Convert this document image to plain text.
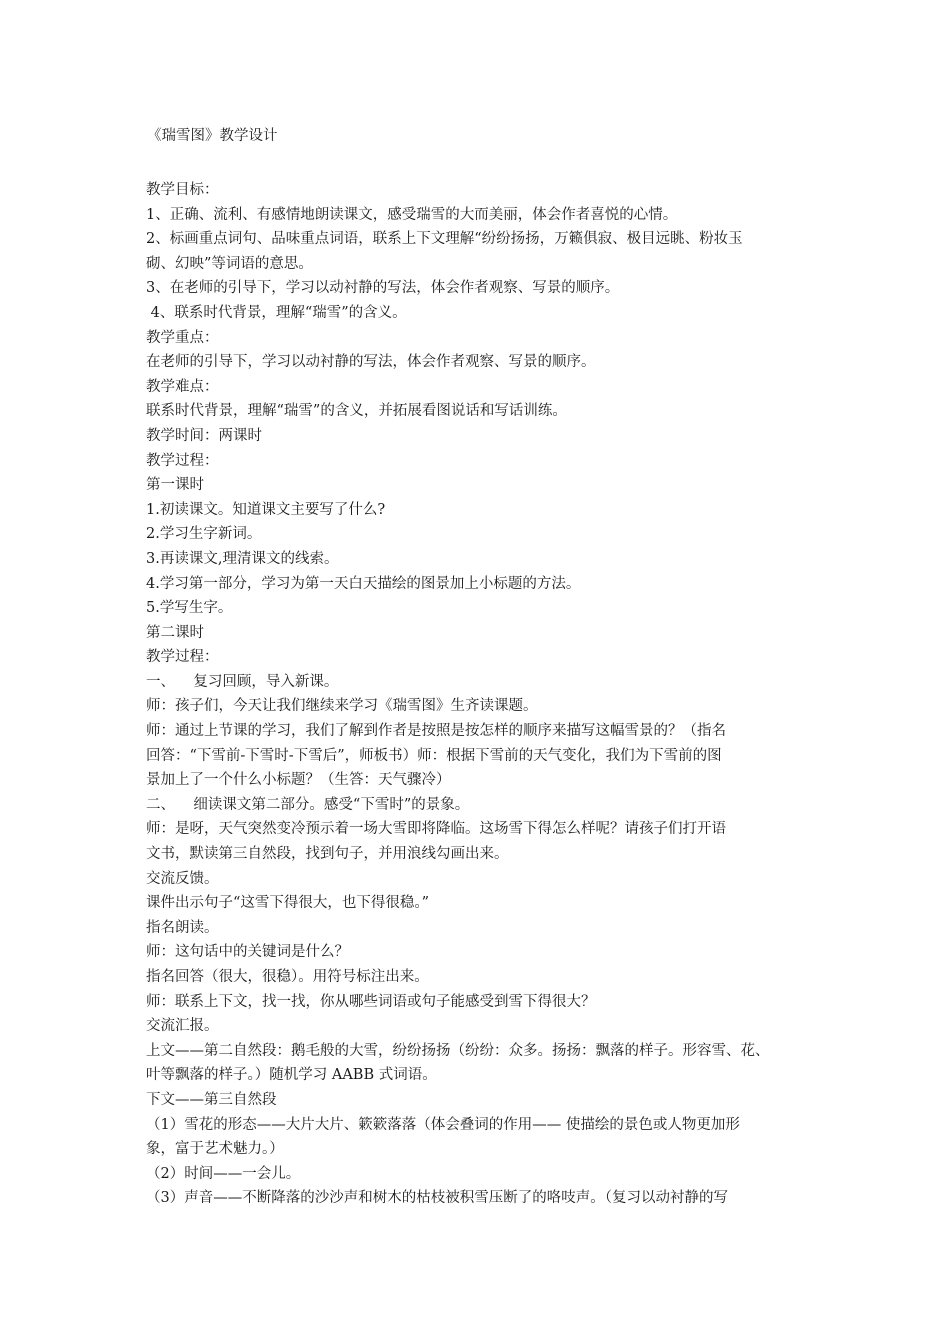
《瑞雪图》教学设计
教学目标：
1、正确、流利、有感情地朗读课文，感受瑞雪的大而美丽，体会作者喜悦的心情。
2、标画重点词句、品味重点词语，联系上下文理解“纷纷扬扬，万籁俱寂、极目远眺、粉妆玉
砌、幻映”等词语的意思。
3、在老师的引导下，学习以动衬静的写法，体会作者观察、写景的顺序。
4、联系时代背景，理解“瑞雪”的含义。
教学重点：
在老师的引导下，学习以动衬静的写法，体会作者观察、写景的顺序。
教学难点：
联系时代背景，理解“瑞雪”的含义，并拓展看图说话和写话训练。
教学时间：两课时
教学过程：
第一课时
1.初读课文。知道课文主要写了什么?
2.学习生字新词。
3.再读课文,理清课文的线索。
4.学习第一部分，学习为第一天白天描绘的图景加上小标题的方法。
5.学写生字。
第二课时
教学过程：
一、    复习回顾，导入新课。
师：孩子们，今天让我们继续来学习《瑞雪图》生齐读课题。
师：通过上节课的学习，我们了解到作者是按照是按怎样的顺序来描写这幅雪景的？（指名
回答：“下雪前-下雪时-下雪后”，师板书）师：根据下雪前的天气变化，我们为下雪前的图
景加上了一个什么小标题？（生答：天气骤冷）
二、    细读课文第二部分。感受“下雪时”的景象。
师：是呀，天气突然变冷预示着一场大雪即将降临。这场雪下得怎么样呢？请孩子们打开语
文书，默读第三自然段，找到句子，并用浪线勾画出来。
交流反馈。
课件出示句子“这雪下得很大，也下得很稳。”
指名朗读。
师：这句话中的关键词是什么？
指名回答（很大，很稳）。用符号标注出来。
师：联系上下文，找一找，你从哪些词语或句子能感受到雪下得很大？
交流汇报。
上文——第二自然段：鹅毛般的大雪，纷纷扬扬（纷纷：众多。扬扬：飘落的样子。形容雪、花、
叶等飘落的样子。）随机学习 AABB 式词语。
下文——第三自然段
（1）雪花的形态——大片大片、簌簌落落（体会叠词的作用—— 使描绘的景色或人物更加形
象，富于艺术魅力。）
（2）时间——一会儿。
（3）声音——不断降落的沙沙声和树木的枯枝被积雪压断了的咯吱声。（复习以动衬静的写
